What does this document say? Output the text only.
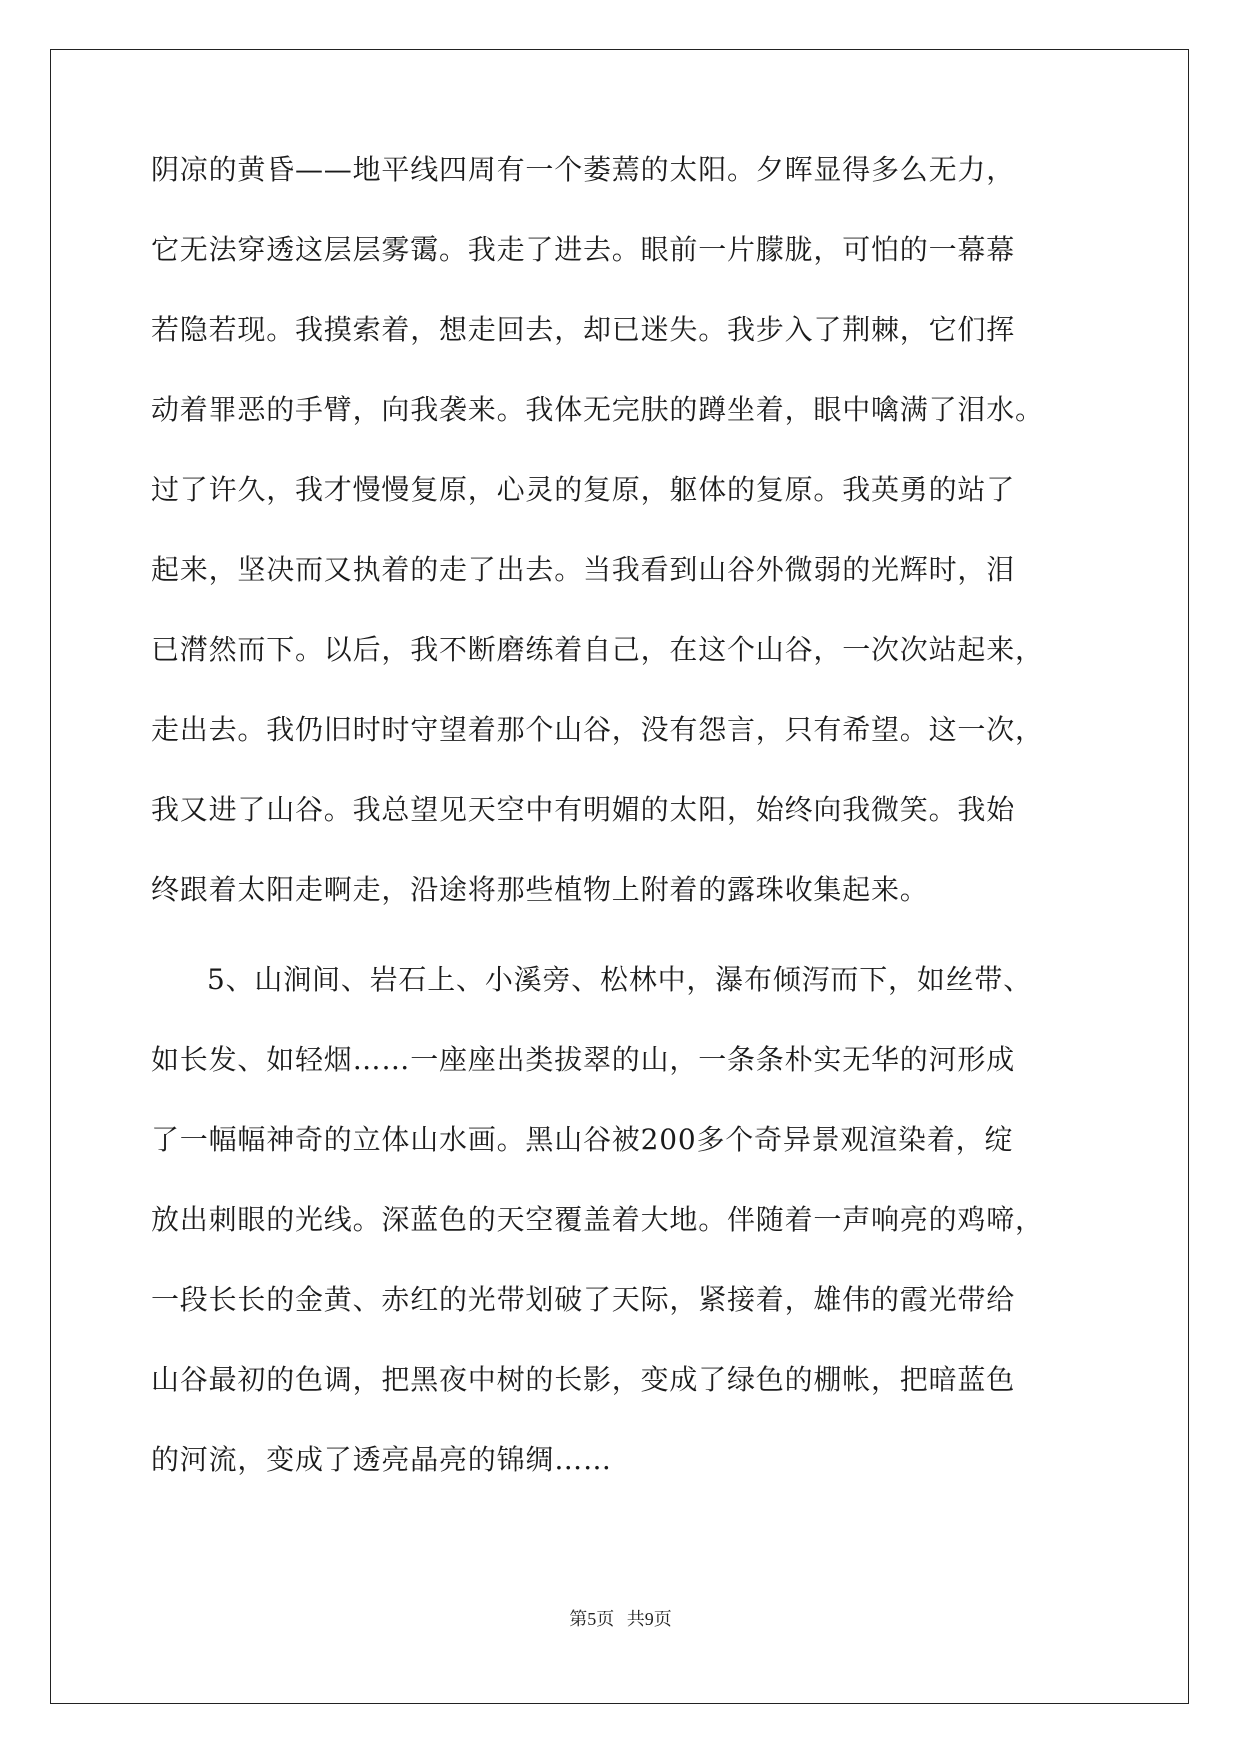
阴凉的黄昏——地平线四周有一个萎蔫的太阳。夕晖显得多么无力，
它无法穿透这层层雾霭。我走了进去。眼前一片朦胧，可怕的一幕幕
若隐若现。我摸索着，想走回去，却已迷失。我步入了荆棘，它们挥
动着罪恶的手臂，向我袭来。我体无完肤的蹲坐着，眼中噙满了泪水。
过了许久，我才慢慢复原，心灵的复原，躯体的复原。我英勇的站了
起来，坚决而又执着的走了出去。当我看到山谷外微弱的光辉时，泪
已潸然而下。以后，我不断磨练着自己，在这个山谷，一次次站起来，
走出去。我仍旧时时守望着那个山谷，没有怨言，只有希望。这一次，
我又进了山谷。我总望见天空中有明媚的太阳，始终向我微笑。我始
终跟着太阳走啊走，沿途将那些植物上附着的露珠收集起来。
5、山涧间、岩石上、小溪旁、松林中，瀑布倾泻而下，如丝带、
如长发、如轻烟……一座座出类拔翠的山，一条条朴实无华的河形成
了一幅幅神奇的立体山水画。黑山谷被200多个奇异景观渲染着，绽
放出刺眼的光线。深蓝色的天空覆盖着大地。伴随着一声响亮的鸡啼，
一段长长的金黄、赤红的光带划破了天际，紧接着，雄伟的霞光带给
山谷最初的色调，把黑夜中树的长影，变成了绿色的棚帐，把暗蓝色
的河流，变成了透亮晶亮的锦绸……
第5页 共9页
